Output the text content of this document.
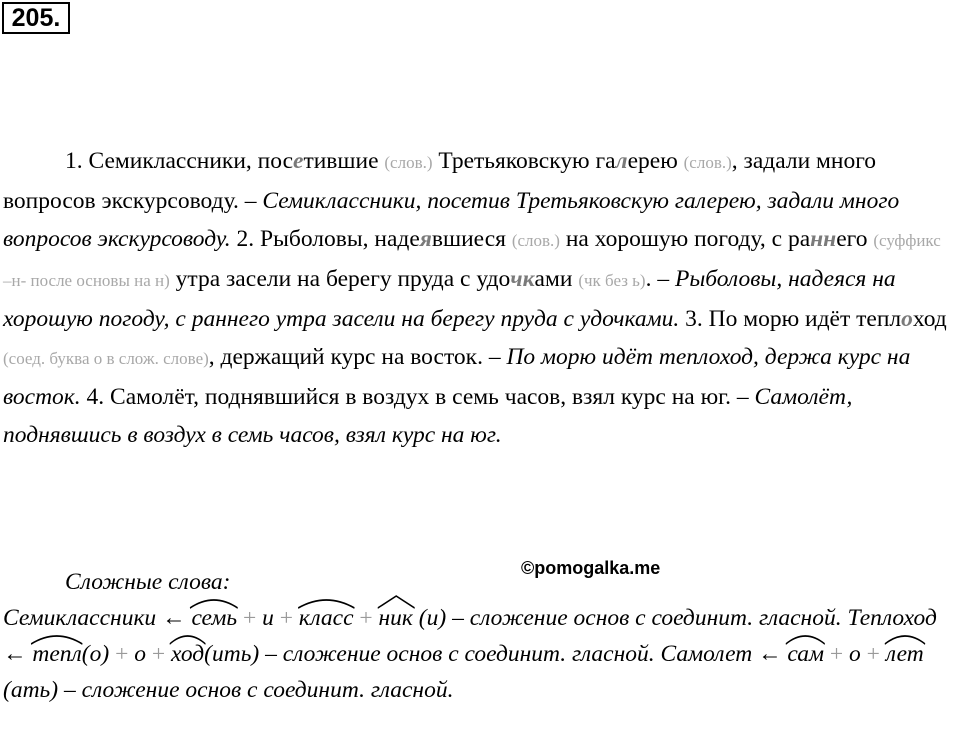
205.
1. Семиклассники, посетившие (слов.) Третьяковскую галерею (слов.), задали много вопросов экскурсоводу. – Семиклассники, посетив Третьяковскую галерею, задали много вопросов экскурсоводу. 2. Рыболовы, надеявшиеся (слов.) на хорошую погоду, с раннего (суффикс –н- после основы на н) утра засели на берегу пруда с удочками (чк без ь). – Рыболовы, надеяся на хорошую погоду, с раннего утра засели на берегу пруда с удочками. 3. По морю идёт теплоход (соед. буква о в слож. слове), держащий курс на восток. – По морю идёт теплоход, держа курс на восток. 4. Самолёт, поднявшийся в воздух в семь часов, взял курс на юг. – Самолёт, поднявшись в воздух в семь часов, взял курс на юг.
©pomogalka.me
Сложные слова:
Семиклассники ←
семь + и +
класс +
ник (и) – сложение основ с соединит. гласной. Теплоход ←
тепл(о) + о +
ход(ить) – сложение основ с соединит. гласной. Самолет ←
сам + о +
лет(ать) – сложение основ с соединит. гласной.
